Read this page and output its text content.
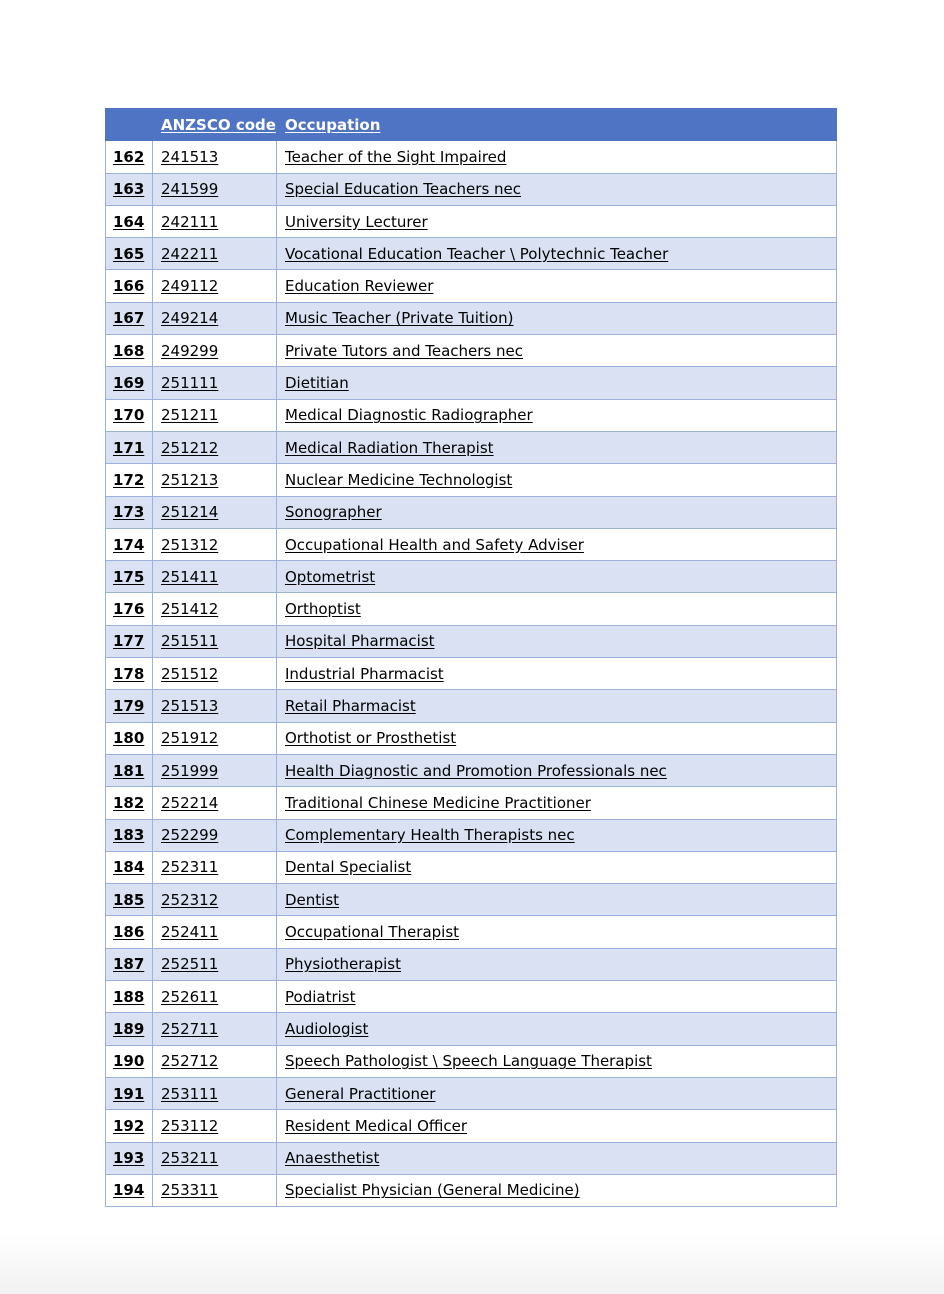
	ANZSCO code	Occupation
162	241513	Teacher of the Sight Impaired
163	241599	Special Education Teachers nec
164	242111	University Lecturer
165	242211	Vocational Education Teacher \ Polytechnic Teacher
166	249112	Education Reviewer
167	249214	Music Teacher (Private Tuition)
168	249299	Private Tutors and Teachers nec
169	251111	Dietitian
170	251211	Medical Diagnostic Radiographer
171	251212	Medical Radiation Therapist
172	251213	Nuclear Medicine Technologist
173	251214	Sonographer
174	251312	Occupational Health and Safety Adviser
175	251411	Optometrist
176	251412	Orthoptist
177	251511	Hospital Pharmacist
178	251512	Industrial Pharmacist
179	251513	Retail Pharmacist
180	251912	Orthotist or Prosthetist
181	251999	Health Diagnostic and Promotion Professionals nec
182	252214	Traditional Chinese Medicine Practitioner
183	252299	Complementary Health Therapists nec
184	252311	Dental Specialist
185	252312	Dentist
186	252411	Occupational Therapist
187	252511	Physiotherapist
188	252611	Podiatrist
189	252711	Audiologist
190	252712	Speech Pathologist \ Speech Language Therapist
191	253111	General Practitioner
192	253112	Resident Medical Officer
193	253211	Anaesthetist
194	253311	Specialist Physician (General Medicine)
